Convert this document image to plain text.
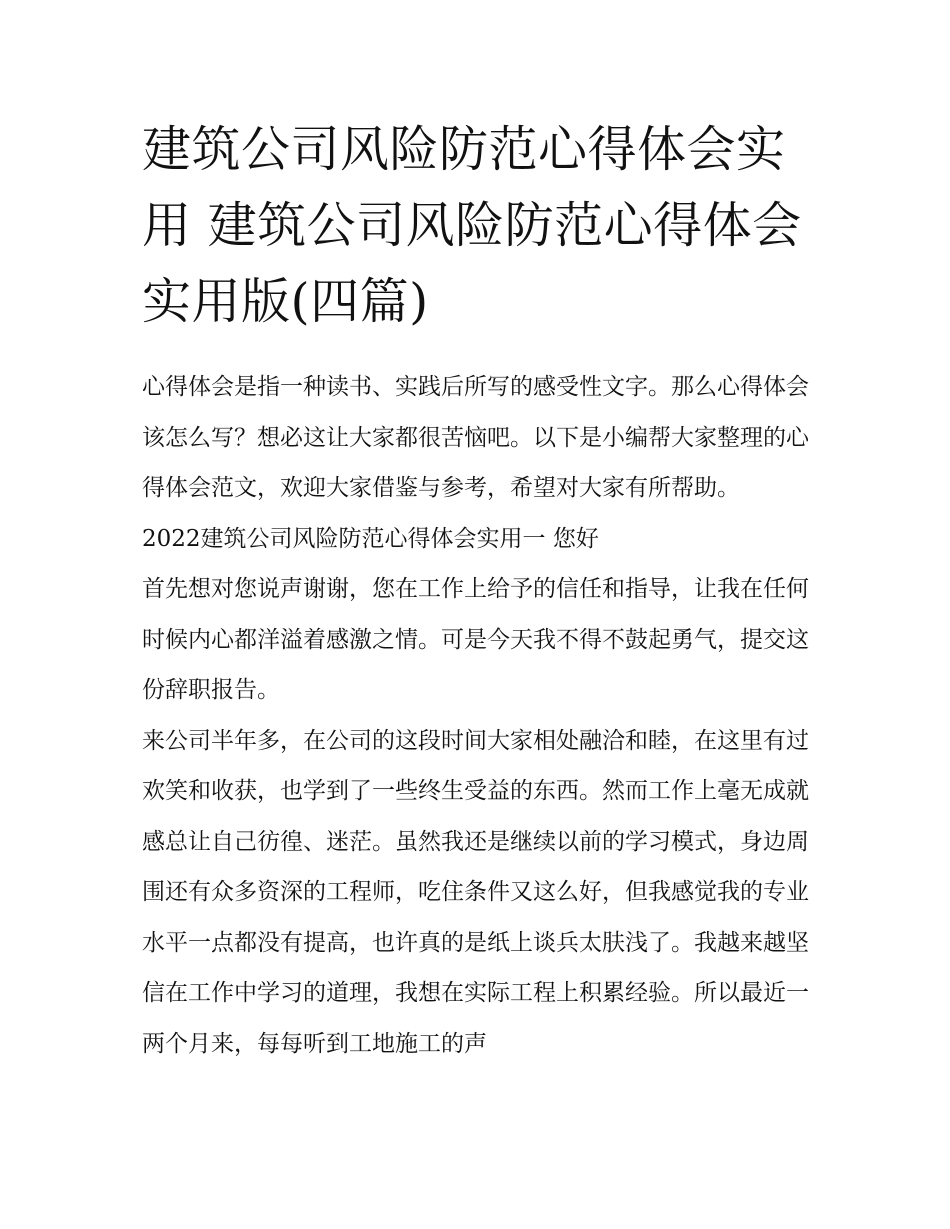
建筑公司风险防范心得体会实用 建筑公司风险防范心得体会实用版(四篇)

心得体会是指一种读书、实践后所写的感受性文字。那么心得体会该怎么写？想必这让大家都很苦恼吧。以下是小编帮大家整理的心得体会范文，欢迎大家借鉴与参考，希望对大家有所帮助。

2022建筑公司风险防范心得体会实用一 您好

首先想对您说声谢谢，您在工作上给予的信任和指导，让我在任何时候内心都洋溢着感激之情。可是今天我不得不鼓起勇气，提交这份辞职报告。

来公司半年多，在公司的这段时间大家相处融洽和睦，在这里有过欢笑和收获，也学到了一些终生受益的东西。然而工作上毫无成就感总让自己彷徨、迷茫。虽然我还是继续以前的学习模式，身边周围还有众多资深的工程师，吃住条件又这么好，但我感觉我的专业水平一点都没有提高，也许真的是纸上谈兵太肤浅了。我越来越坚信在工作中学习的道理，我想在实际工程上积累经验。所以最近一两个月来，每每听到工地施工的声
